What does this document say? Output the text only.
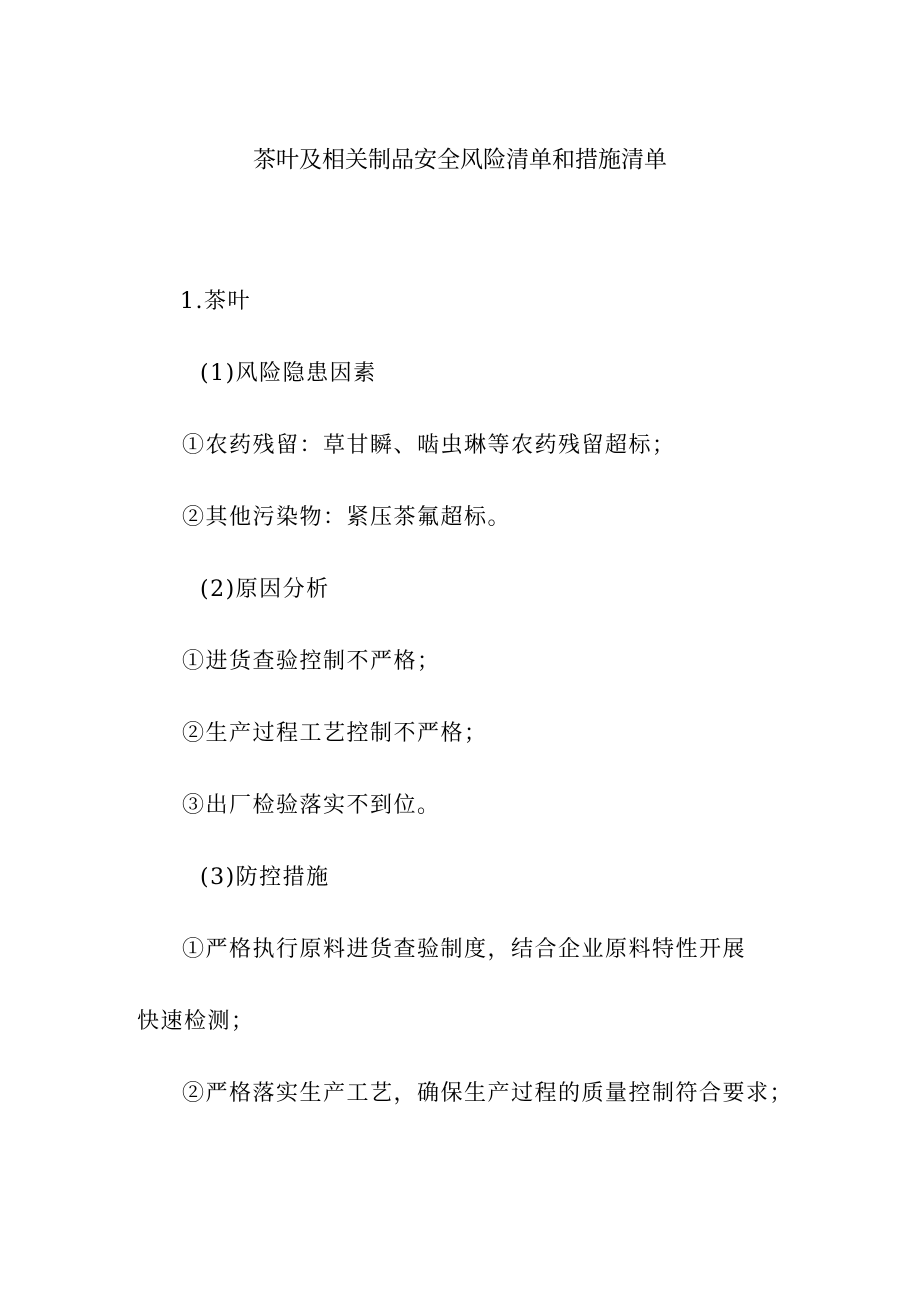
茶叶及相关制品安全风险清单和措施清单
1.茶叶
(1)风险隐患因素
①农药残留：草甘瞬、啮虫琳等农药残留超标；
②其他污染物：紧压茶氟超标。
(2)原因分析
①进货查验控制不严格；
②生产过程工艺控制不严格；
③出厂检验落实不到位。
(3)防控措施
①严格执行原料进货查验制度，结合企业原料特性开展
快速检测；
②严格落实生产工艺，确保生产过程的质量控制符合要求；
